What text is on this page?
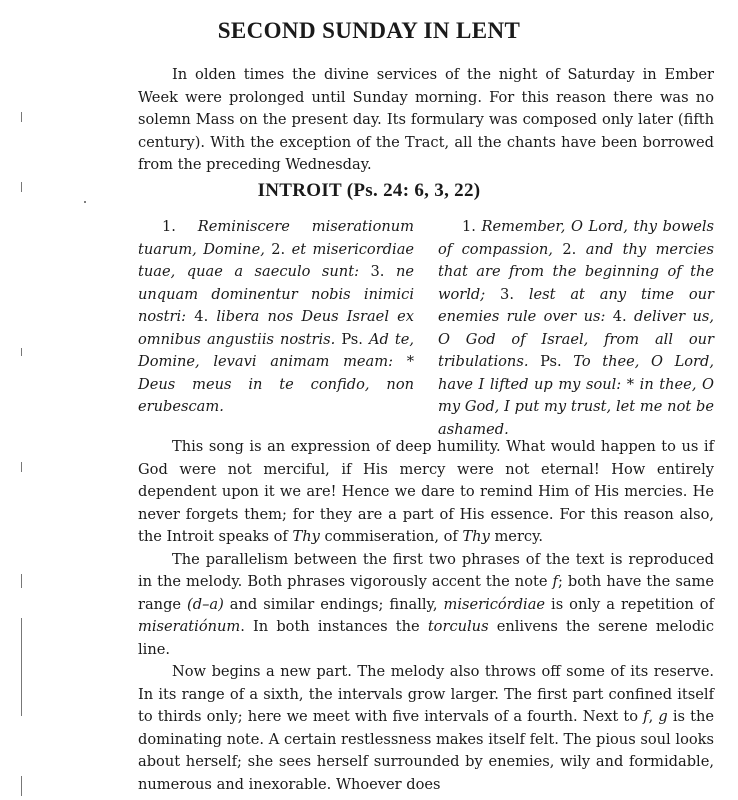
SECOND SUNDAY IN LENT
In olden times the divine services of the night of Saturday in Ember Week were prolonged until Sunday morning. For this reason there was no solemn Mass on the present day. Its formulary was composed only later (fifth century). With the exception of the Tract, all the chants have been borrowed from the preceding Wednesday.
INTROIT (Ps. 24: 6, 3, 22)

1. Reminiscere miserationum tuarum, Domine, 2. et misericordiae tuae, quae a saeculo sunt: 3. ne unquam dominentur nobis inimici nostri: 4. libera nos Deus Israel ex omnibus angustiis nostris. Ps. Ad te, Domine, levavi animam meam: * Deus meus in te confido, non erubescam.

1. Remember, O Lord, thy bowels of compassion, 2. and thy mercies that are from the beginning of the world; 3. lest at any time our enemies rule over us: 4. deliver us, O God of Israel, from all our tribulations. Ps. To thee, O Lord, have I lifted up my soul: * in thee, O my God, I put my trust, let me not be ashamed.

This song is an expression of deep humility. What would happen to us if God were not merciful, if His mercy were not eternal! How entirely dependent upon it we are! Hence we dare to remind Him of His mercies. He never forgets them; for they are a part of His essence. For this reason also, the Introit speaks of Thy commiseration, of Thy mercy.

The parallelism between the first two phrases of the text is reproduced in the melody. Both phrases vigorously accent the note f; both have the same range (d–a) and similar endings; finally, misericórdiae is only a repetition of miseratiónum. In both instances the torculus enlivens the serene melodic line.

Now begins a new part. The melody also throws off some of its reserve. In its range of a sixth, the intervals grow larger. The first part confined itself to thirds only; here we meet with five intervals of a fourth. Next to f, g is the dominating note. A certain restlessness makes itself felt. The pious soul looks about herself; she sees herself surrounded by enemies, wily and formidable, numerous and inexorable. Whoever does
